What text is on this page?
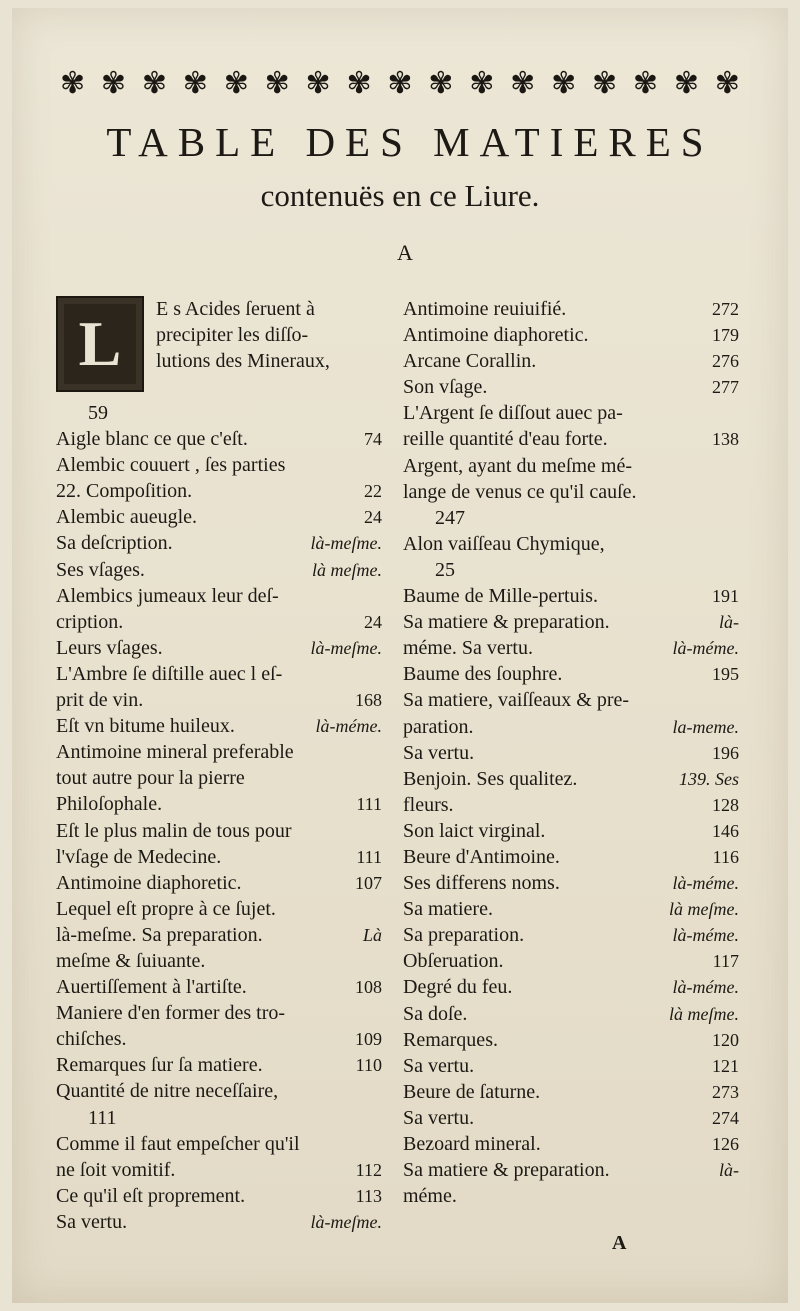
✾ ✾ ✾ ✾ ✾ ✾ ✾ ✾ ✾ ✾ ✾ ✾ ✾ ✾ ✾ ✾ ✾
TABLE DES MATIERES
contenuës en ce Liure.
A
L	E s Acides ſeruent à
precipiter les diſſo-
lutions des Mineraux,
59
Aigle blanc ce que c'eſt.	74
Alembic couuert , ſes parties
22. Compoſition.	22
Alembic aueugle.	24
Sa deſcription.	là-meſme.
Ses vſages.	là meſme.
Alembics jumeaux leur deſ-
cription.	24
Leurs vſages.	là-meſme.
L'Ambre ſe diſtille auec l eſ-
prit de vin.	168
Eſt vn bitume huileux.	là-méme.
Antimoine mineral preferable
tout autre pour la pierre
Philoſophale.	111
Eſt le plus malin de tous pour
l'vſage de Medecine.	111
Antimoine diaphoretic.	107
Lequel eſt propre à ce ſujet.
là-meſme. Sa preparation.	Là
meſme & ſuiuante.
Auertiſſement à l'artiſte.	108
Maniere d'en former des tro-
chiſches.	109
Remarques ſur ſa matiere.	110
Quantité de nitre neceſſaire,
111
Comme il faut empeſcher qu'il
ne ſoit vomitif.	112
Ce qu'il eſt proprement.	113
Sa vertu.	là-meſme.
Antimoine reuiuifié.	272
Antimoine diaphoretic.	179
Arcane Corallin.	276
Son vſage.	277
L'Argent ſe diſſout auec pa-
reille quantité d'eau forte.	138
Argent, ayant du meſme mé-
lange de venus ce qu'il cauſe.
247
Alon vaiſſeau Chymique,
25
Baume de Mille-pertuis.	191
Sa matiere & preparation.	là-
méme. Sa vertu.	là-méme.
Baume des ſouphre.	195
Sa matiere, vaiſſeaux & pre-
paration.	la-meme.
Sa vertu.	196
Benjoin. Ses qualitez.	139. Ses
fleurs.	128
Son laict virginal.	146
Beure d'Antimoine.	116
Ses differens noms.	là-méme.
Sa matiere.	là meſme.
Sa preparation.	là-méme.
Obſeruation.	117
Degré du feu.	là-méme.
Sa doſe.	là meſme.
Remarques.	120
Sa vertu.	121
Beure de ſaturne.	273
Sa vertu.	274
Bezoard mineral.	126
Sa matiere & preparation.	là-
méme.
A
